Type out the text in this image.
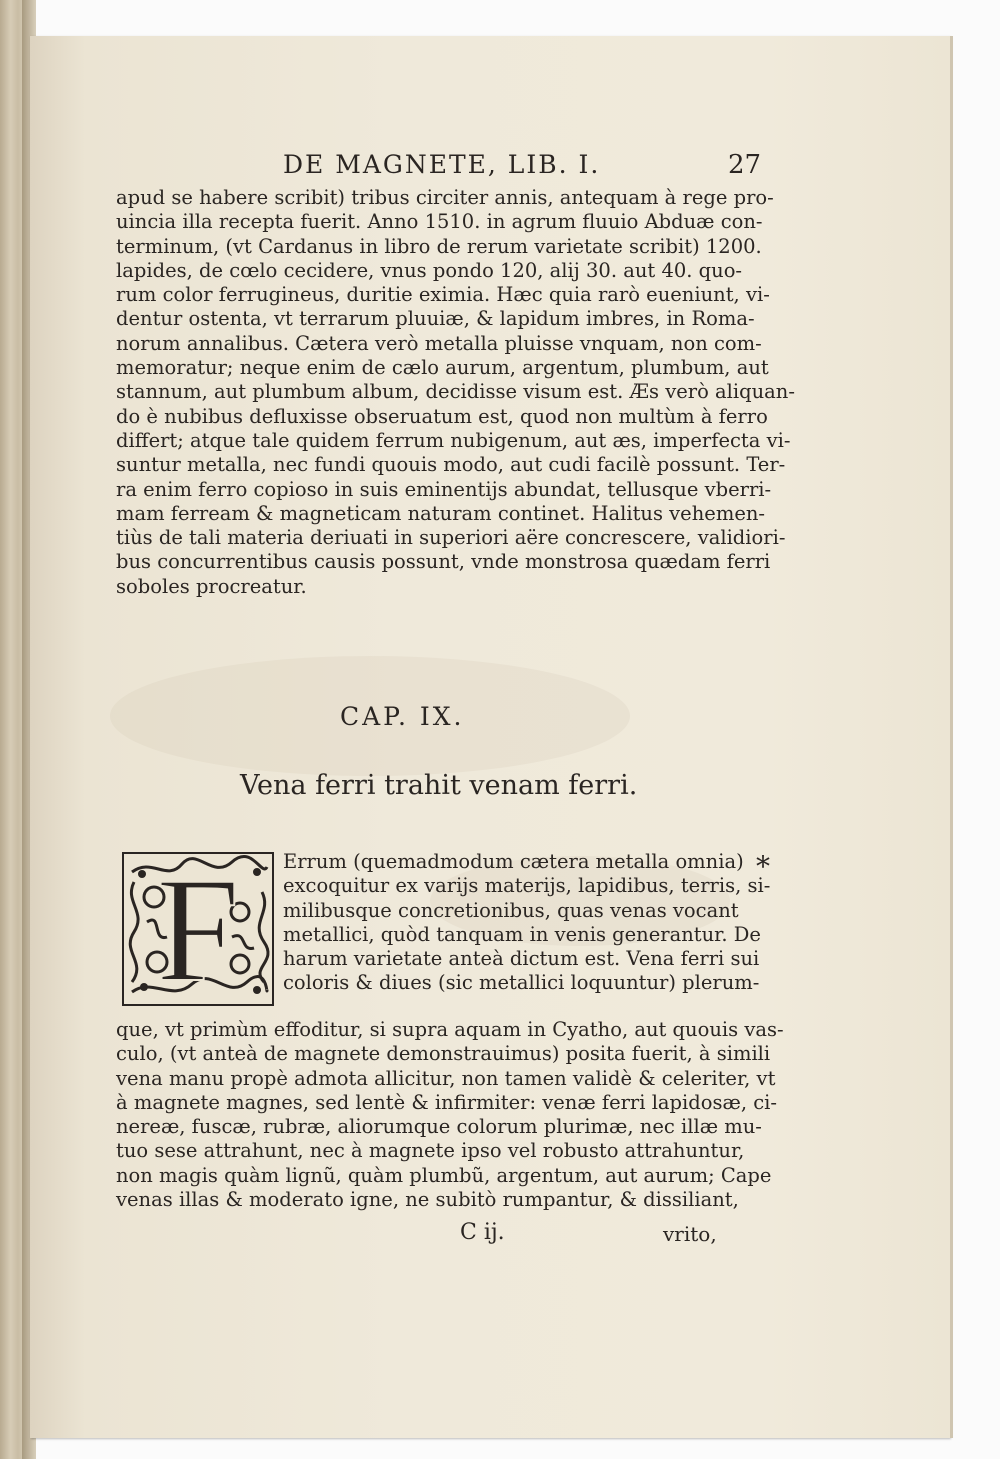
DE MAGNETE, LIB. I.	27
apud se habere scribit) tribus circiter annis, antequam à rege pro-
uincia illa recepta fuerit. Anno 1510. in agrum fluuio Abduæ con-
terminum, (vt Cardanus in libro de rerum varietate scribit) 1200.
lapides, de cœlo cecidere, vnus pondo 120, alij 30. aut 40. quo-
rum color ferrugineus, duritie eximia. Hæc quia rarò eueniunt, vi-
dentur ostenta, vt terrarum pluuiæ, & lapidum imbres, in Roma-
norum annalibus. Cætera verò metalla pluisse vnquam, non com-
memoratur; neque enim de cælo aurum, argentum, plumbum, aut
stannum, aut plumbum album, decidisse visum est. Æs verò aliquan-
do è nubibus defluxisse obseruatum est, quod non multùm à ferro
differt; atque tale quidem ferrum nubigenum, aut æs, imperfecta vi-
suntur metalla, nec fundi quouis modo, aut cudi facilè possunt. Ter-
ra enim ferro copioso in suis eminentijs abundat, tellusque vberri-
mam ferream & magneticam naturam continet. Halitus vehemen-
tiùs de tali materia deriuati in superiori aëre concrescere, validiori-
bus concurrentibus causis possunt, vnde monstrosa quædam ferri
soboles procreatur.
CAP. IX.
Vena ferri trahit venam ferri.
F Errum (quemadmodum cætera metalla omnia)
excoquitur ex varijs materijs, lapidibus, terris, si-
milibusque concretionibus, quas venas vocant
metallici, quòd tanquam in venis generantur. De
harum varietate anteà dictum est. Vena ferri sui
coloris & diues (sic metallici loquuntur) plerum-
que, vt primùm effoditur, si supra aquam in Cyatho, aut quouis vas-
culo, (vt anteà de magnete demonstrauimus) posita fuerit, à simili
vena manu propè admota allicitur, non tamen validè & celeriter, vt
à magnete magnes, sed lentè & infirmiter: venæ ferri lapidosæ, ci-
nereæ, fuscæ, rubræ, aliorumque colorum plurimæ, nec illæ mu-
tuo sese attrahunt, nec à magnete ipso vel robusto attrahuntur,
non magis quàm lignũ, quàm plumbũ, argentum, aut aurum; Cape
venas illas & moderato igne, ne subitò rumpantur, & dissiliant,
C ij.	vrito,
*
